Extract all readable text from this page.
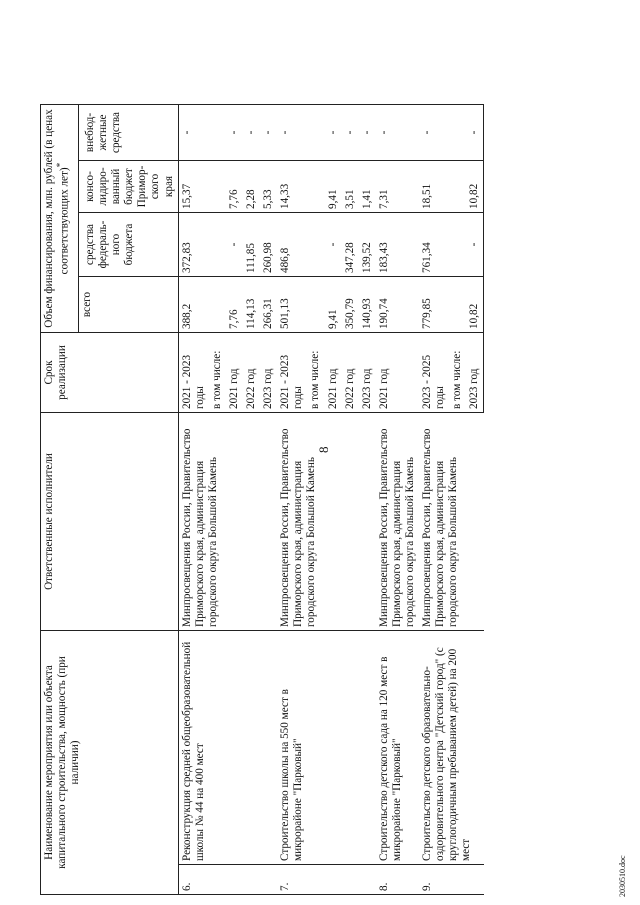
8
2030510.doc
Наименование мероприятия или объекта капитального строительства, мощность (при наличии)		Ответственные исполнители	Срок реализации	Объем финансирования, млн. рублей (в ценах соответствующих лет)*
				всего	средства федераль-ного бюджета	консо-лидиро-ванный бюджет Примор-ского края	внебюд-жетные средства
6.	Реконструкция средней общеобразовательной школы № 44 на 400 мест	Минпросвещения России, Правительство Приморского края, администрация городского округа Большой Камень	2021 - 2023 годы	388,2	372,83	15,37	-
			в том числе:				
			2021 год	7,76	-	7,76	-
			2022 год	114,13	111,85	2,28	-
			2023 год	266,31	260,98	5,33	-
7.	Строительство школы на 550 мест в микрорайоне "Парковый"	Минпросвещения России, Правительство Приморского края, администрация городского округа Большой Камень	2021 - 2023 годы	501,13	486,8	14,33	-
			в том числе:				
			2021 год	9,41	-	9,41	-
			2022 год	350,79	347,28	3,51	-
			2023 год	140,93	139,52	1,41	-
8.	Строительство детского сада на 120 мест в микрорайоне "Парковый"	Минпросвещения России, Правительство Приморского края, администрация городского округа Большой Камень	2021 год	190,74	183,43	7,31	-
9.	Строительство детского образовательно-оздоровительного центра "Детский город" (с круглогодичным пребыванием детей) на 200 мест	Минпросвещения России, Правительство Приморского края, администрация городского округа Большой Камень	2023 - 2025 годы	779,85	761,34	18,51	-
			в том числе:				
			2023 год	10,82	-	10,82	-
